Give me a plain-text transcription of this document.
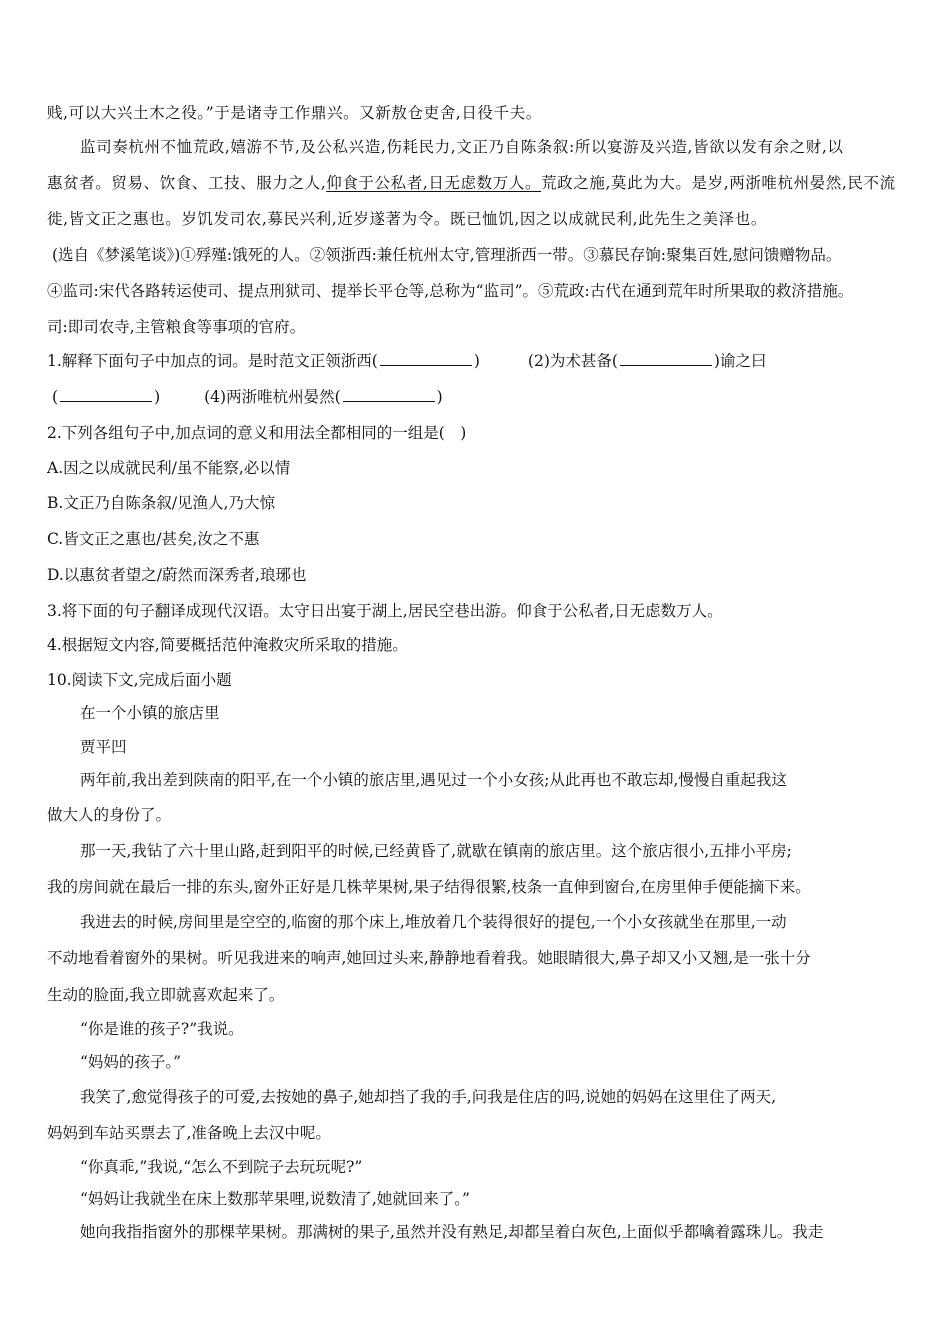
贱,可以大兴土木之役。”于是诸寺工作鼎兴。又新敖仓吏舍,日役千夫。
监司奏杭州不恤荒政,嬉游不节,及公私兴造,伤耗民力,文正乃自陈条叙:所以宴游及兴造,皆欲以发有余之财,以
惠贫者。贸易、饮食、工技、服力之人,仰食于公私者,日无虑数万人。荒政之施,莫此为大。是岁,两浙唯杭州晏然,民不流
徙,皆文正之惠也。岁饥发司农,募民兴利,近岁遂著为令。既已恤饥,因之以成就民利,此先生之美泽也。
(选自《梦溪笔谈》)①殍殣:饿死的人。②领浙西:兼任杭州太守,管理浙西一带。③慕民存饷:聚集百姓,慰问馈赠物品。
④监司:宋代各路转运使司、提点刑狱司、提举长平仓等,总称为“监司”。⑤荒政:古代在通到荒年时所果取的救济措施。
司:即司农寺,主管粮食等事项的官府。
1.解释下面句子中加点的词。是时范文正领浙西(	)	(2)为术甚备(	)谕之曰
(	)	(4)两浙唯杭州晏然(	)
2.下列各组句子中,加点词的意义和用法全都相同的一组是(　)
A.因之以成就民利/虽不能察,必以情
B.文正乃自陈条叙/见渔人,乃大惊
C.皆文正之惠也/甚矣,汝之不惠
D.以惠贫者望之/蔚然而深秀者,琅琊也
3.将下面的句子翻译成现代汉语。太守日出宴于湖上,居民空巷出游。仰食于公私者,日无虑数万人。
4.根据短文内容,简要概括范仲淹救灾所采取的措施。
10.阅读下文,完成后面小题
在一个小镇的旅店里
贾平凹
两年前,我出差到陕南的阳平,在一个小镇的旅店里,遇见过一个小女孩;从此再也不敢忘却,慢慢自重起我这
做大人的身份了。
那一天,我钻了六十里山路,赶到阳平的时候,已经黄昏了,就歇在镇南的旅店里。这个旅店很小,五排小平房;
我的房间就在最后一排的东头,窗外正好是几株苹果树,果子结得很繁,枝条一直伸到窗台,在房里伸手便能摘下来。
我进去的时候,房间里是空空的,临窗的那个床上,堆放着几个装得很好的提包,一个小女孩就坐在那里,一动
不动地看着窗外的果树。听见我进来的响声,她回过头来,静静地看着我。她眼睛很大,鼻子却又小又翘,是一张十分
生动的脸面,我立即就喜欢起来了。
“你是谁的孩子?”我说。
“妈妈的孩子。”
我笑了,愈觉得孩子的可爱,去按她的鼻子,她却挡了我的手,问我是住店的吗,说她的妈妈在这里住了两天,
妈妈到车站买票去了,准备晚上去汉中呢。
“你真乖,”我说,“怎么不到院子去玩玩呢?”
“妈妈让我就坐在床上数那苹果哩,说数清了,她就回来了。”
她向我指指窗外的那棵苹果树。那满树的果子,虽然并没有熟足,却都呈着白灰色,上面似乎都噙着露珠儿。我走
